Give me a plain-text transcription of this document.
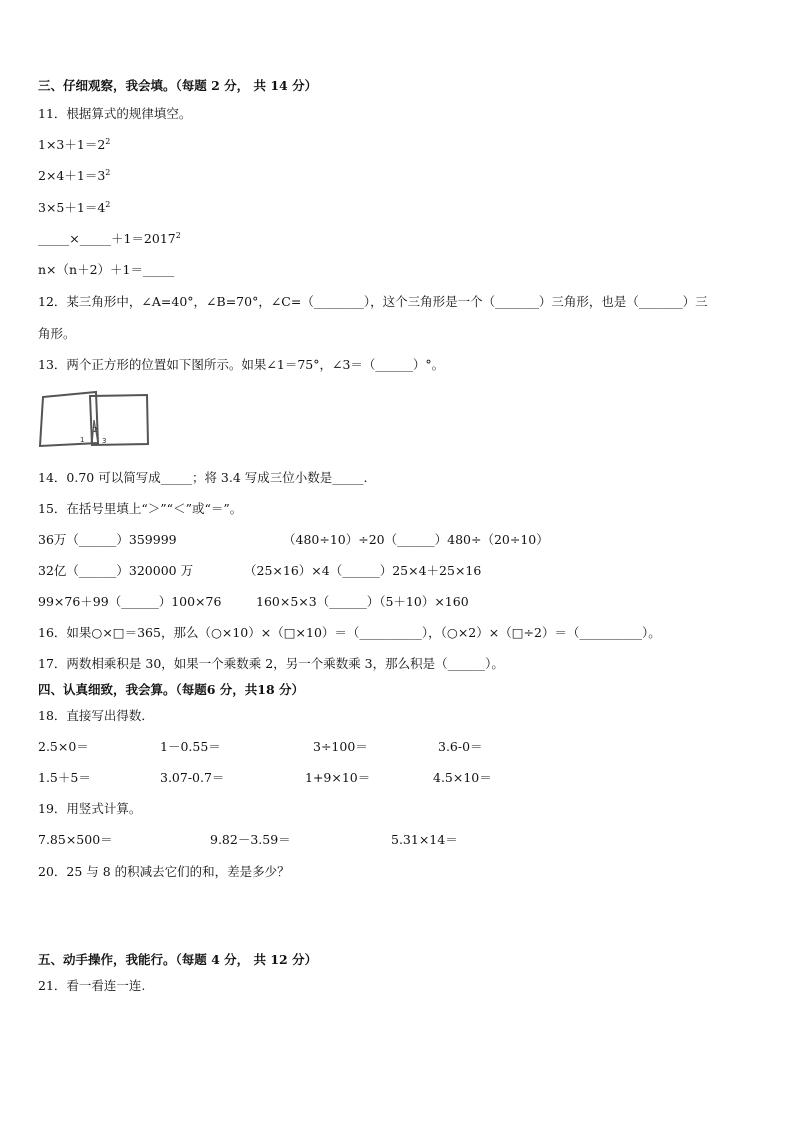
三、仔细观察，我会填。（每题 2 分， 共 14 分）
11．根据算式的规律填空。
$1\times 3+1=2^2$
$2\times 4+1=3^2$
$3\times 5+1=4^2$
$\_\_\_\_\_\times\_\_\_\_\_+1=2017^2$
n×（n＋2）＋1＝_____
12．某三角形中，∠A=40°，∠B=70°，∠C=（________），这个三角形是一个（_______）三角形，也是（_______）三
角形。
13．两个正方形的位置如下图所示。如果∠1＝75°，∠3＝（______）°。
2
1	3
14．0.70 可以简写成_____；将 3.4 写成三位小数是_____.
15．在括号里填上“＞”“＜”或“＝”。
36万（______）359999	（480÷10）÷20（______）480÷（20÷10）
32亿（______）320000 万	（25×16）×4（______）25×4＋25×16
99×76＋99（______）100×76	160×5×3（______）（5＋10）×160
16．如果○×□＝365，那么（○×10）×（□×10）＝（__________），（○×2）×（□÷2）＝（__________）。
17．两数相乘积是 30，如果一个乘数乘 2，另一个乘数乘 3，那么积是（______）。
四、认真细致，我会算。（每题6 分，共18 分）
18．直接写出得数．
2.5×0＝	1－0.55＝	3÷100＝	3.6-0＝
1.5＋5＝	3.07-0.7＝	1+9×10＝	4.5×10＝
19．用竖式计算。
7.85×500＝	9.82－3.59＝	5.31×14＝
20．25 与 8 的积减去它们的和，差是多少？
五、动手操作，我能行。（每题 4 分， 共 12 分）
21．看一看连一连.
